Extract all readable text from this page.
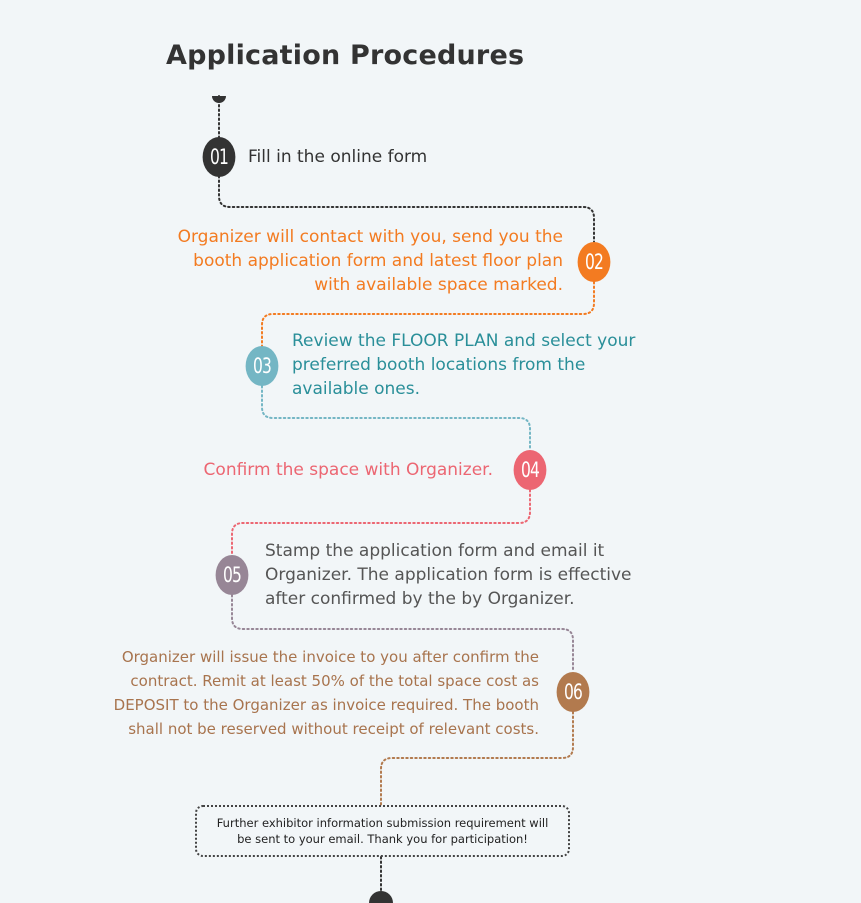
Application Procedures
01	Fill in the online form
02
Organizer will contact with you, send you the booth application form and latest floor plan with available space marked.
03
Review the FLOOR PLAN and select your preferred booth locations from the available ones.
04
Confirm the space with Organizer.
05
Stamp the application form and email it Organizer. The application form is effective after confirmed by the by Organizer.
06
Organizer will issue the invoice to you after confirm the contract. Remit at least 50% of the total space cost as DEPOSIT to the Organizer as invoice required. The booth shall not be reserved without receipt of relevant costs.
Further exhibitor information submission requirement will be sent to your email. Thank you for participation!
